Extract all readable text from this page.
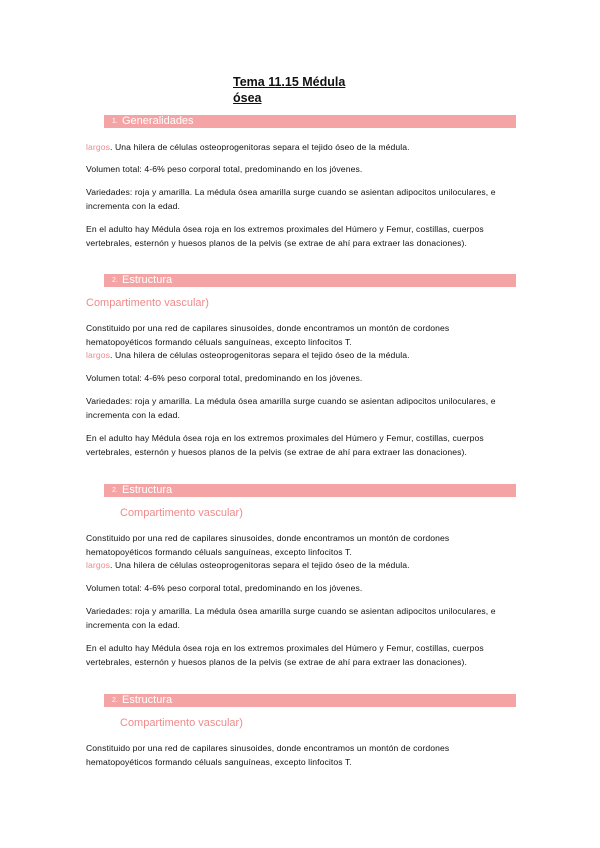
Tema 11.15 Médula
ósea
1. Generalidades
largos. Una hilera de células osteoprogenitoras separa el tejido óseo de la médula.
Volumen total: 4-6% peso corporal total, predominando en los jóvenes.
Variedades: roja y amarilla. La médula ósea amarilla surge cuando se asientan adipocitos uniloculares, e incrementa con la edad.
En el adulto hay Médula ósea roja en los extremos proximales del Húmero y Femur, costillas, cuerpos vertebrales, esternón y huesos planos de la pelvis (se extrae de ahí para extraer las donaciones).
2. Estructura
Compartimento vascular)
Constituido por una red de capilares sinusoides, donde encontramos un montón de cordones hematopoyéticos formando céluals sanguíneas, excepto linfocitos T.
largos. Una hilera de células osteoprogenitoras separa el tejido óseo de la médula.
Volumen total: 4-6% peso corporal total, predominando en los jóvenes.
Variedades: roja y amarilla. La médula ósea amarilla surge cuando se asientan adipocitos uniloculares, e incrementa con la edad.
En el adulto hay Médula ósea roja en los extremos proximales del Húmero y Femur, costillas, cuerpos vertebrales, esternón y huesos planos de la pelvis (se extrae de ahí para extraer las donaciones).
2. Estructura
Compartimento vascular)
Constituido por una red de capilares sinusoides, donde encontramos un montón de cordones hematopoyéticos formando céluals sanguíneas, excepto linfocitos T.
largos. Una hilera de células osteoprogenitoras separa el tejido óseo de la médula.
Volumen total: 4-6% peso corporal total, predominando en los jóvenes.
Variedades: roja y amarilla. La médula ósea amarilla surge cuando se asientan adipocitos uniloculares, e incrementa con la edad.
En el adulto hay Médula ósea roja en los extremos proximales del Húmero y Femur, costillas, cuerpos vertebrales, esternón y huesos planos de la pelvis (se extrae de ahí para extraer las donaciones).
2. Estructura
Compartimento vascular)
Constituido por una red de capilares sinusoides, donde encontramos un montón de cordones hematopoyéticos formando céluals sanguíneas, excepto linfocitos T.
